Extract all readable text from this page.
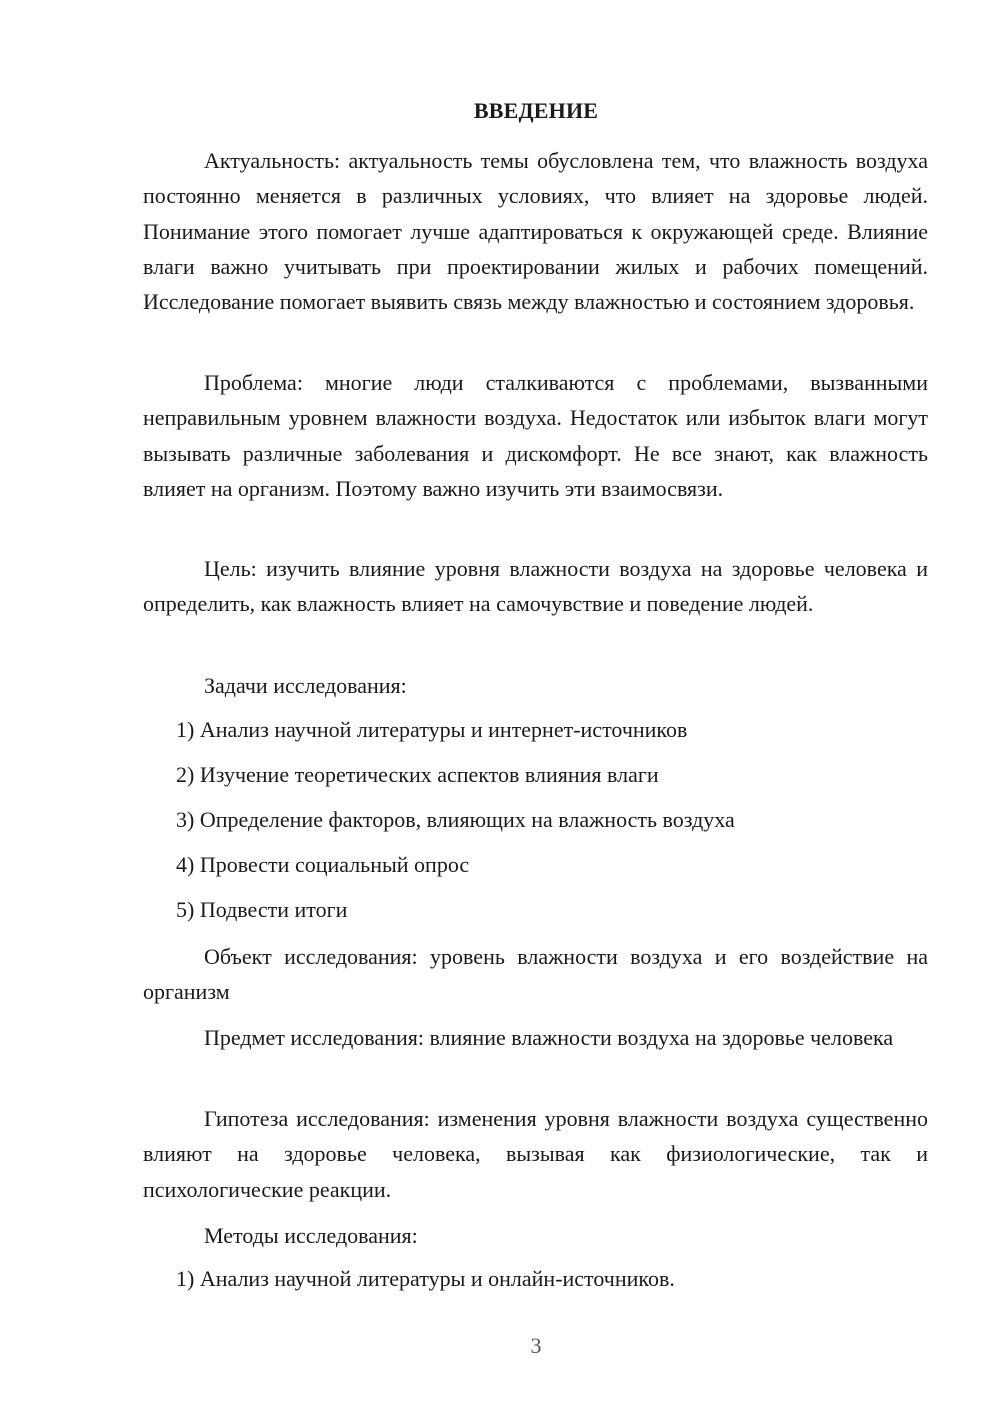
ВВЕДЕНИЕ

Актуальность: актуальность темы обусловлена тем, что влажность воздуха постоянно меняется в различных условиях, что влияет на здоровье людей. Понимание этого помогает лучше адаптироваться к окружающей среде. Влияние влаги важно учитывать при проектировании жилых и рабочих помещений. Исследование помогает выявить связь между влажностью и состоянием здоровья.

Проблема: многие люди сталкиваются с проблемами, вызванными неправильным уровнем влажности воздуха. Недостаток или избыток влаги могут вызывать различные заболевания и дискомфорт. Не все знают, как влажность влияет на организм. Поэтому важно изучить эти взаимосвязи.

Цель: изучить влияние уровня влажности воздуха на здоровье человека и определить, как влажность влияет на самочувствие и поведение людей.

Задачи исследования:

1) Анализ научной литературы и интернет-источников

2) Изучение теоретических аспектов влияния влаги

3) Определение факторов, влияющих на влажность воздуха

4) Провести социальный опрос

5) Подвести итоги

Объект исследования: уровень влажности воздуха и его воздействие на организм

Предмет исследования: влияние влажности воздуха на здоровье человека

Гипотеза исследования: изменения уровня влажности воздуха существенно влияют на здоровье человека, вызывая как физиологические, так и психологические реакции.

Методы исследования:

1) Анализ научной литературы и онлайн-источников.

3
